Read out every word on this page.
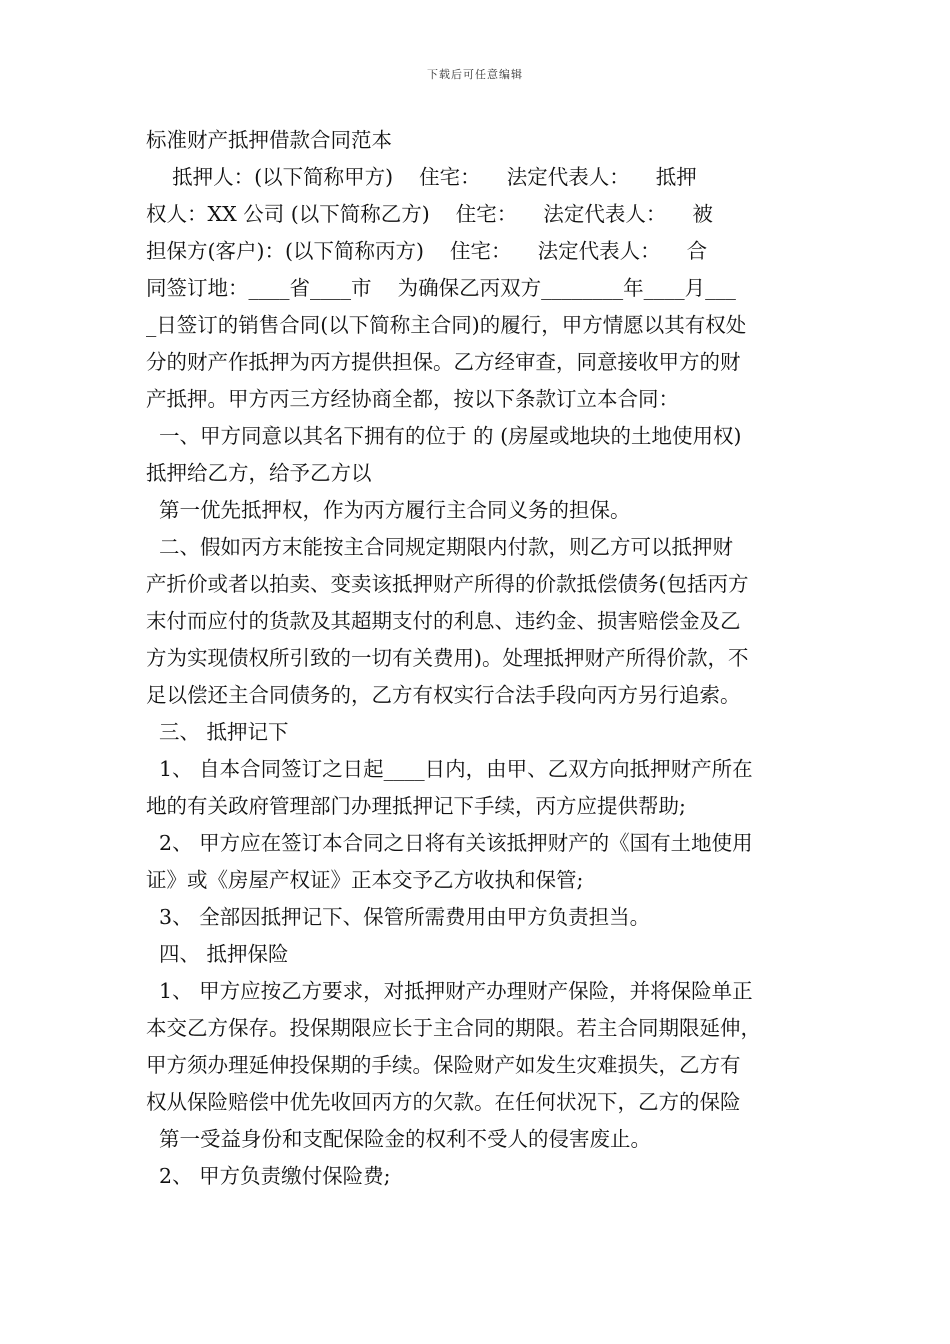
下载后可任意编辑
标准财产抵押借款合同范本
抵押人：(以下简称甲方)    住宅：    法定代表人：    抵押
权人：XX 公司 (以下简称乙方)    住宅：    法定代表人：    被
担保方(客户)：(以下简称丙方)    住宅：    法定代表人：    合
同签订地：____省____市    为确保乙丙双方________年____月___
_日签订的销售合同(以下简称主合同)的履行，甲方情愿以其有权处
分的财产作抵押为丙方提供担保。乙方经审查，同意接收甲方的财
产抵押。甲方丙三方经协商全都，按以下条款订立本合同：
一、甲方同意以其名下拥有的位于 的 (房屋或地块的土地使用权)
抵押给乙方，给予乙方以
第一优先抵押权，作为丙方履行主合同义务的担保。
二、假如丙方末能按主合同规定期限内付款，则乙方可以抵押财
产折价或者以拍卖、变卖该抵押财产所得的价款抵偿债务(包括丙方
末付而应付的货款及其超期支付的利息、违约金、损害赔偿金及乙
方为实现债权所引致的一切有关费用)。处理抵押财产所得价款，不
足以偿还主合同债务的，乙方有权实行合法手段向丙方另行追索。
三、 抵押记下
1、 自本合同签订之日起____日内，由甲、乙双方向抵押财产所在
地的有关政府管理部门办理抵押记下手续，丙方应提供帮助;
2、 甲方应在签订本合同之日将有关该抵押财产的《国有土地使用
证》或《房屋产权证》正本交予乙方收执和保管;
3、 全部因抵押记下、保管所需费用由甲方负责担当。
四、 抵押保险
1、 甲方应按乙方要求，对抵押财产办理财产保险，并将保险单正
本交乙方保存。投保期限应长于主合同的期限。若主合同期限延伸，
甲方须办理延伸投保期的手续。保险财产如发生灾难损失，乙方有
权从保险赔偿中优先收回丙方的欠款。在任何状况下，乙方的保险
第一受益身份和支配保险金的权利不受人的侵害废止。
2、 甲方负责缴付保险费;
